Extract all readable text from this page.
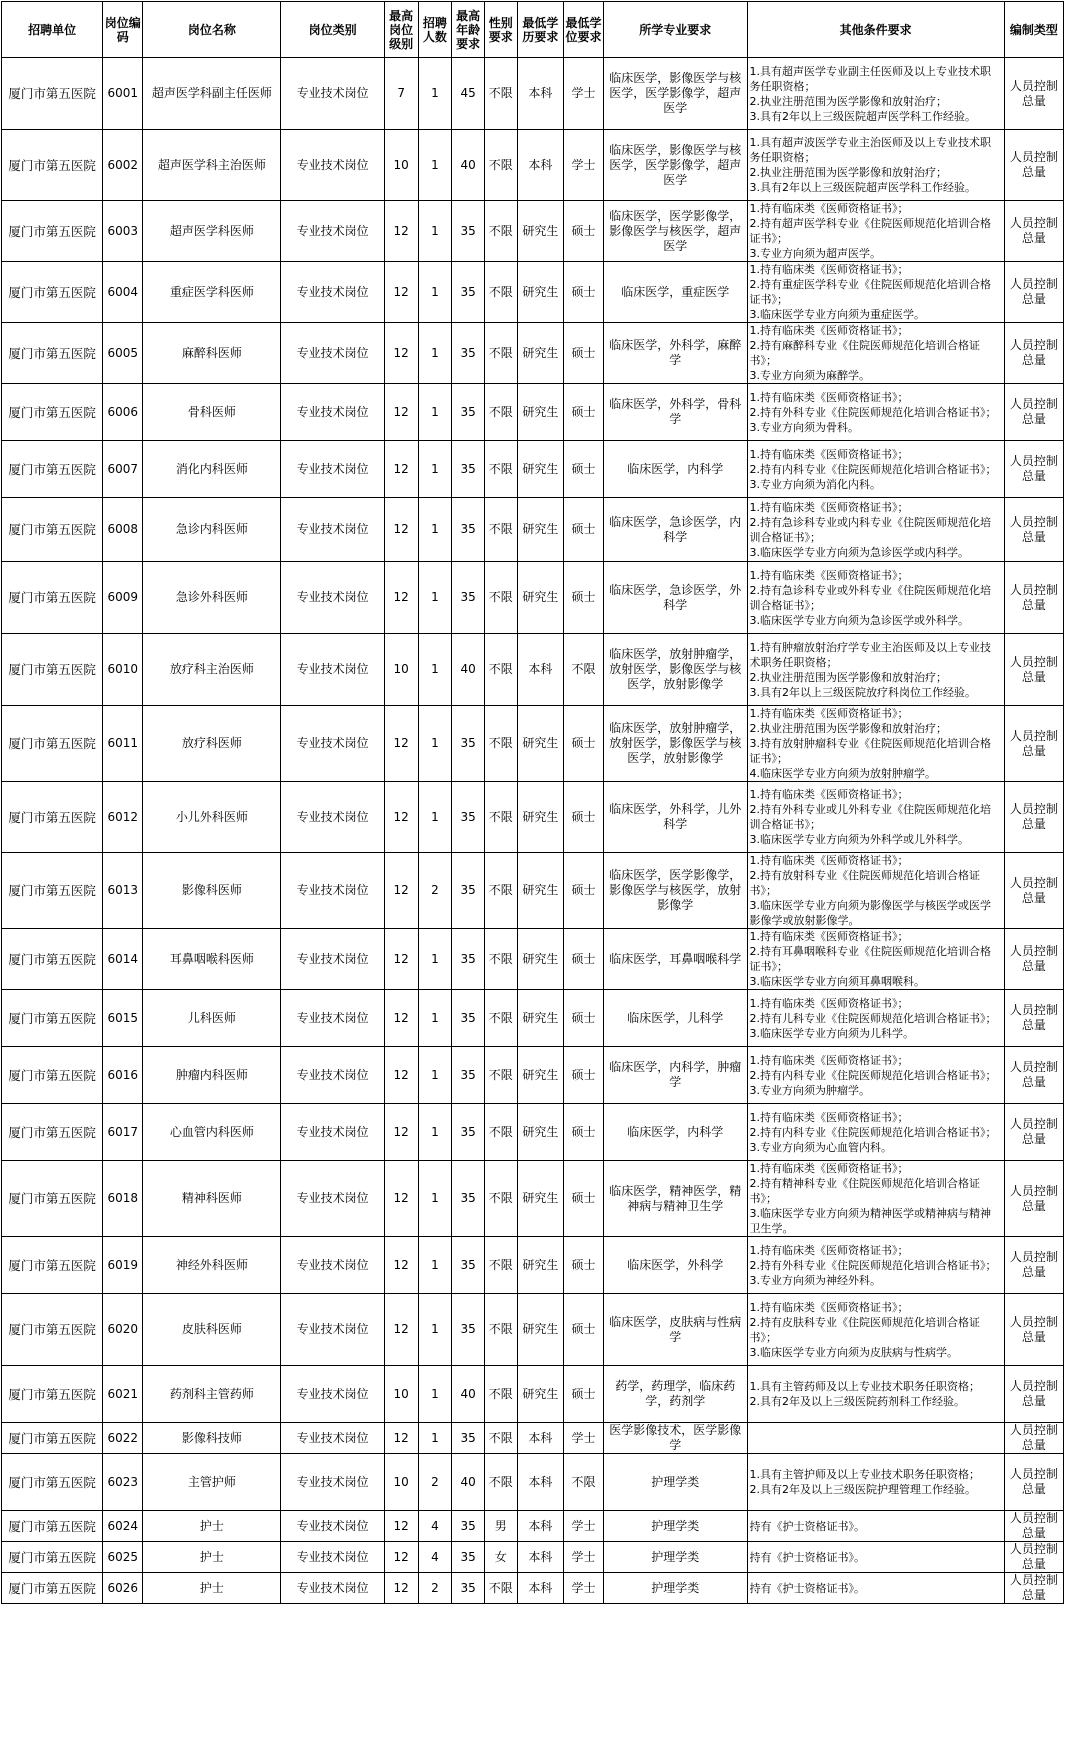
招聘单位	岗位编码	岗位名称	岗位类别	最高岗位级别	招聘人数	最高年龄要求	性别要求	最低学历要求	最低学位要求	所学专业要求	其他条件要求	编制类型
厦门市第五医院	6001	超声医学科副主任医师	专业技术岗位	7	1	45	不限	本科	学士	临床医学，影像医学与核医学，医学影像学，超声医学	1.具有超声医学专业副主任医师及以上专业技术职务任职资格；
2.执业注册范围为医学影像和放射治疗；
3.具有2年以上三级医院超声医学科工作经验。	人员控制总量
厦门市第五医院	6002	超声医学科主治医师	专业技术岗位	10	1	40	不限	本科	学士	临床医学，影像医学与核医学，医学影像学，超声医学	1.具有超声波医学专业主治医师及以上专业技术职务任职资格；
2.执业注册范围为医学影像和放射治疗；
3.具有2年以上三级医院超声医学科工作经验。	人员控制总量
厦门市第五医院	6003	超声医学科医师	专业技术岗位	12	1	35	不限	研究生	硕士	临床医学，医学影像学，影像医学与核医学，超声医学	1.持有临床类《医师资格证书》；
2.持有超声医学科专业《住院医师规范化培训合格证书》；
3.专业方向须为超声医学。	人员控制总量
厦门市第五医院	6004	重症医学科医师	专业技术岗位	12	1	35	不限	研究生	硕士	临床医学，重症医学	1.持有临床类《医师资格证书》；
2.持有重症医学科专业《住院医师规范化培训合格证书》；
3.临床医学专业方向须为重症医学。	人员控制总量
厦门市第五医院	6005	麻醉科医师	专业技术岗位	12	1	35	不限	研究生	硕士	临床医学，外科学，麻醉学	1.持有临床类《医师资格证书》；
2.持有麻醉科专业《住院医师规范化培训合格证书》；
3.专业方向须为麻醉学。	人员控制总量
厦门市第五医院	6006	骨科医师	专业技术岗位	12	1	35	不限	研究生	硕士	临床医学，外科学，骨科学	1.持有临床类《医师资格证书》；
2.持有外科专业《住院医师规范化培训合格证书》；
3.专业方向须为骨科。	人员控制总量
厦门市第五医院	6007	消化内科医师	专业技术岗位	12	1	35	不限	研究生	硕士	临床医学，内科学	1.持有临床类《医师资格证书》；
2.持有内科专业《住院医师规范化培训合格证书》；
3.专业方向须为消化内科。	人员控制总量
厦门市第五医院	6008	急诊内科医师	专业技术岗位	12	1	35	不限	研究生	硕士	临床医学，急诊医学，内科学	1.持有临床类《医师资格证书》；
2.持有急诊科专业或内科专业《住院医师规范化培训合格证书》；
3.临床医学专业方向须为急诊医学或内科学。	人员控制总量
厦门市第五医院	6009	急诊外科医师	专业技术岗位	12	1	35	不限	研究生	硕士	临床医学，急诊医学，外科学	1.持有临床类《医师资格证书》；
2.持有急诊科专业或外科专业《住院医师规范化培训合格证书》；
3.临床医学专业方向须为急诊医学或外科学。	人员控制总量
厦门市第五医院	6010	放疗科主治医师	专业技术岗位	10	1	40	不限	本科	不限	临床医学，放射肿瘤学，放射医学，影像医学与核医学，放射影像学	1.持有肿瘤放射治疗学专业主治医师及以上专业技术职务任职资格；
2.执业注册范围为医学影像和放射治疗；
3.具有2年以上三级医院放疗科岗位工作经验。	人员控制总量
厦门市第五医院	6011	放疗科医师	专业技术岗位	12	1	35	不限	研究生	硕士	临床医学，放射肿瘤学，放射医学，影像医学与核医学，放射影像学	1.持有临床类《医师资格证书》；
2.执业注册范围为医学影像和放射治疗；
3.持有放射肿瘤科专业《住院医师规范化培训合格证书》；
4.临床医学专业方向须为放射肿瘤学。	人员控制总量
厦门市第五医院	6012	小儿外科医师	专业技术岗位	12	1	35	不限	研究生	硕士	临床医学，外科学，儿外科学	1.持有临床类《医师资格证书》；
2.持有外科专业或儿外科专业《住院医师规范化培训合格证书》；
3.临床医学专业方向须为外科学或儿外科学。	人员控制总量
厦门市第五医院	6013	影像科医师	专业技术岗位	12	2	35	不限	研究生	硕士	临床医学，医学影像学，影像医学与核医学，放射影像学	1.持有临床类《医师资格证书》；
2.持有放射科专业《住院医师规范化培训合格证书》；
3.临床医学专业方向须为影像医学与核医学或医学影像学或放射影像学。	人员控制总量
厦门市第五医院	6014	耳鼻咽喉科医师	专业技术岗位	12	1	35	不限	研究生	硕士	临床医学，耳鼻咽喉科学	1.持有临床类《医师资格证书》；
2.持有耳鼻咽喉科专业《住院医师规范化培训合格证书》；
3.临床医学专业方向须耳鼻咽喉科。	人员控制总量
厦门市第五医院	6015	儿科医师	专业技术岗位	12	1	35	不限	研究生	硕士	临床医学，儿科学	1.持有临床类《医师资格证书》；
2.持有儿科专业《住院医师规范化培训合格证书》；
3.临床医学专业方向须为儿科学。	人员控制总量
厦门市第五医院	6016	肿瘤内科医师	专业技术岗位	12	1	35	不限	研究生	硕士	临床医学，内科学，肿瘤学	1.持有临床类《医师资格证书》；
2.持有内科专业《住院医师规范化培训合格证书》；
3.专业方向须为肿瘤学。	人员控制总量
厦门市第五医院	6017	心血管内科医师	专业技术岗位	12	1	35	不限	研究生	硕士	临床医学，内科学	1.持有临床类《医师资格证书》；
2.持有内科专业《住院医师规范化培训合格证书》；
3.专业方向须为心血管内科。	人员控制总量
厦门市第五医院	6018	精神科医师	专业技术岗位	12	1	35	不限	研究生	硕士	临床医学，精神医学，精神病与精神卫生学	1.持有临床类《医师资格证书》；
2.持有精神科专业《住院医师规范化培训合格证书》；
3.临床医学专业方向须为精神医学或精神病与精神卫生学。	人员控制总量
厦门市第五医院	6019	神经外科医师	专业技术岗位	12	1	35	不限	研究生	硕士	临床医学，外科学	1.持有临床类《医师资格证书》；
2.持有外科专业《住院医师规范化培训合格证书》；
3.专业方向须为神经外科。	人员控制总量
厦门市第五医院	6020	皮肤科医师	专业技术岗位	12	1	35	不限	研究生	硕士	临床医学，皮肤病与性病学	1.持有临床类《医师资格证书》；
2.持有皮肤科专业《住院医师规范化培训合格证书》；
3.临床医学专业方向须为皮肤病与性病学。	人员控制总量
厦门市第五医院	6021	药剂科主管药师	专业技术岗位	10	1	40	不限	研究生	硕士	药学，药理学，临床药学，药剂学	1.具有主管药师及以上专业技术职务任职资格；
2.具有2年及以上三级医院药剂科工作经验。	人员控制总量
厦门市第五医院	6022	影像科技师	专业技术岗位	12	1	35	不限	本科	学士	医学影像技术，医学影像学		人员控制总量
厦门市第五医院	6023	主管护师	专业技术岗位	10	2	40	不限	本科	不限	护理学类	1.具有主管护师及以上专业技术职务任职资格；
2.具有2年及以上三级医院护理管理工作经验。	人员控制总量
厦门市第五医院	6024	护士	专业技术岗位	12	4	35	男	本科	学士	护理学类	持有《护士资格证书》。	人员控制总量
厦门市第五医院	6025	护士	专业技术岗位	12	4	35	女	本科	学士	护理学类	持有《护士资格证书》。	人员控制总量
厦门市第五医院	6026	护士	专业技术岗位	12	2	35	不限	本科	学士	护理学类	持有《护士资格证书》。	人员控制总量
